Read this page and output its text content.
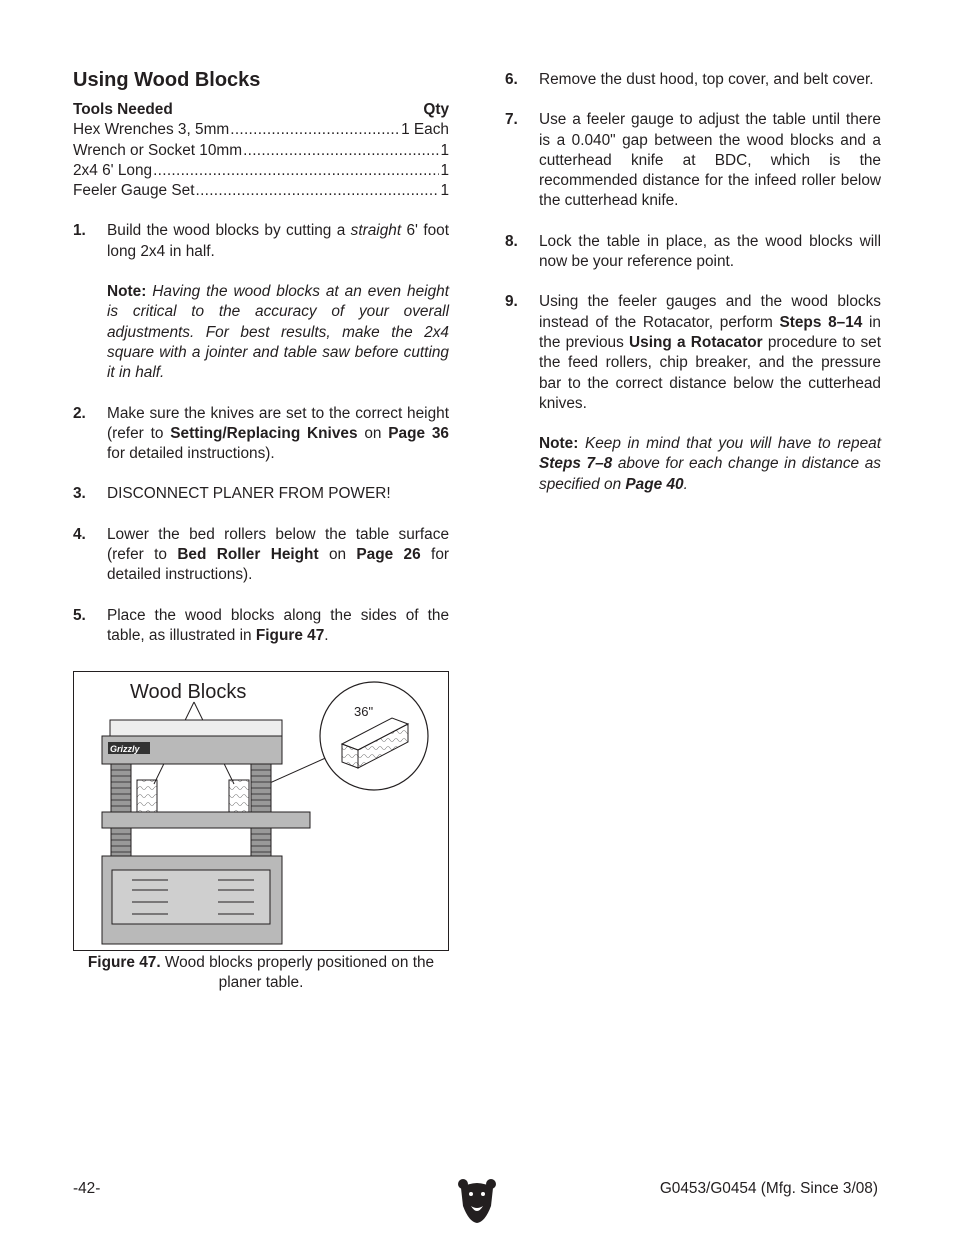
Using Wood Blocks
Tools Needed	Qty
Hex Wrenches 3, 5mm .....	1 Each
Wrench or Socket 10mm .....	1
2x4 6' Long .....	1
Feeler Gauge Set .....	1
1.	Build the wood blocks by cutting a straight 6' foot long 2x4 in half.
Note: Having the wood blocks at an even height is critical to the accuracy of your overall adjustments. For best results, make the 2x4 square with a jointer and table saw before cutting it in half.
2.	Make sure the knives are set to the correct height (refer to Setting/Replacing Knives on Page 36 for detailed instructions).
3.	DISCONNECT PLANER FROM POWER!
4.	Lower the bed rollers below the table surface (refer to Bed Roller Height on Page 26 for detailed instructions).
5.	Place the wood blocks along the sides of the table, as illustrated in Figure 47.
6.	Remove the dust hood, top cover, and belt cover.
7.	Use a feeler gauge to adjust the table until there is a 0.040" gap between the wood blocks and a cutterhead knife at BDC, which is the recommended distance for the infeed roller below the cutterhead knife.
8.	Lock the table in place, as the wood blocks will now be your reference point.
9.	Using the feeler gauges and the wood blocks instead of the Rotacator, perform Steps 8–14 in the previous Using a Rotacator procedure to set the feed rollers, chip breaker, and the pressure bar to the correct distance below the cutterhead knives.
Note: Keep in mind that you will have to repeat Steps 7–8 above for each change in distance as specified on Page 40.
Wood Blocks
Grizzly
36"
Figure 47. Wood blocks properly positioned on the planer table.
-42-	G0453/G0454 (Mfg. Since 3/08)
